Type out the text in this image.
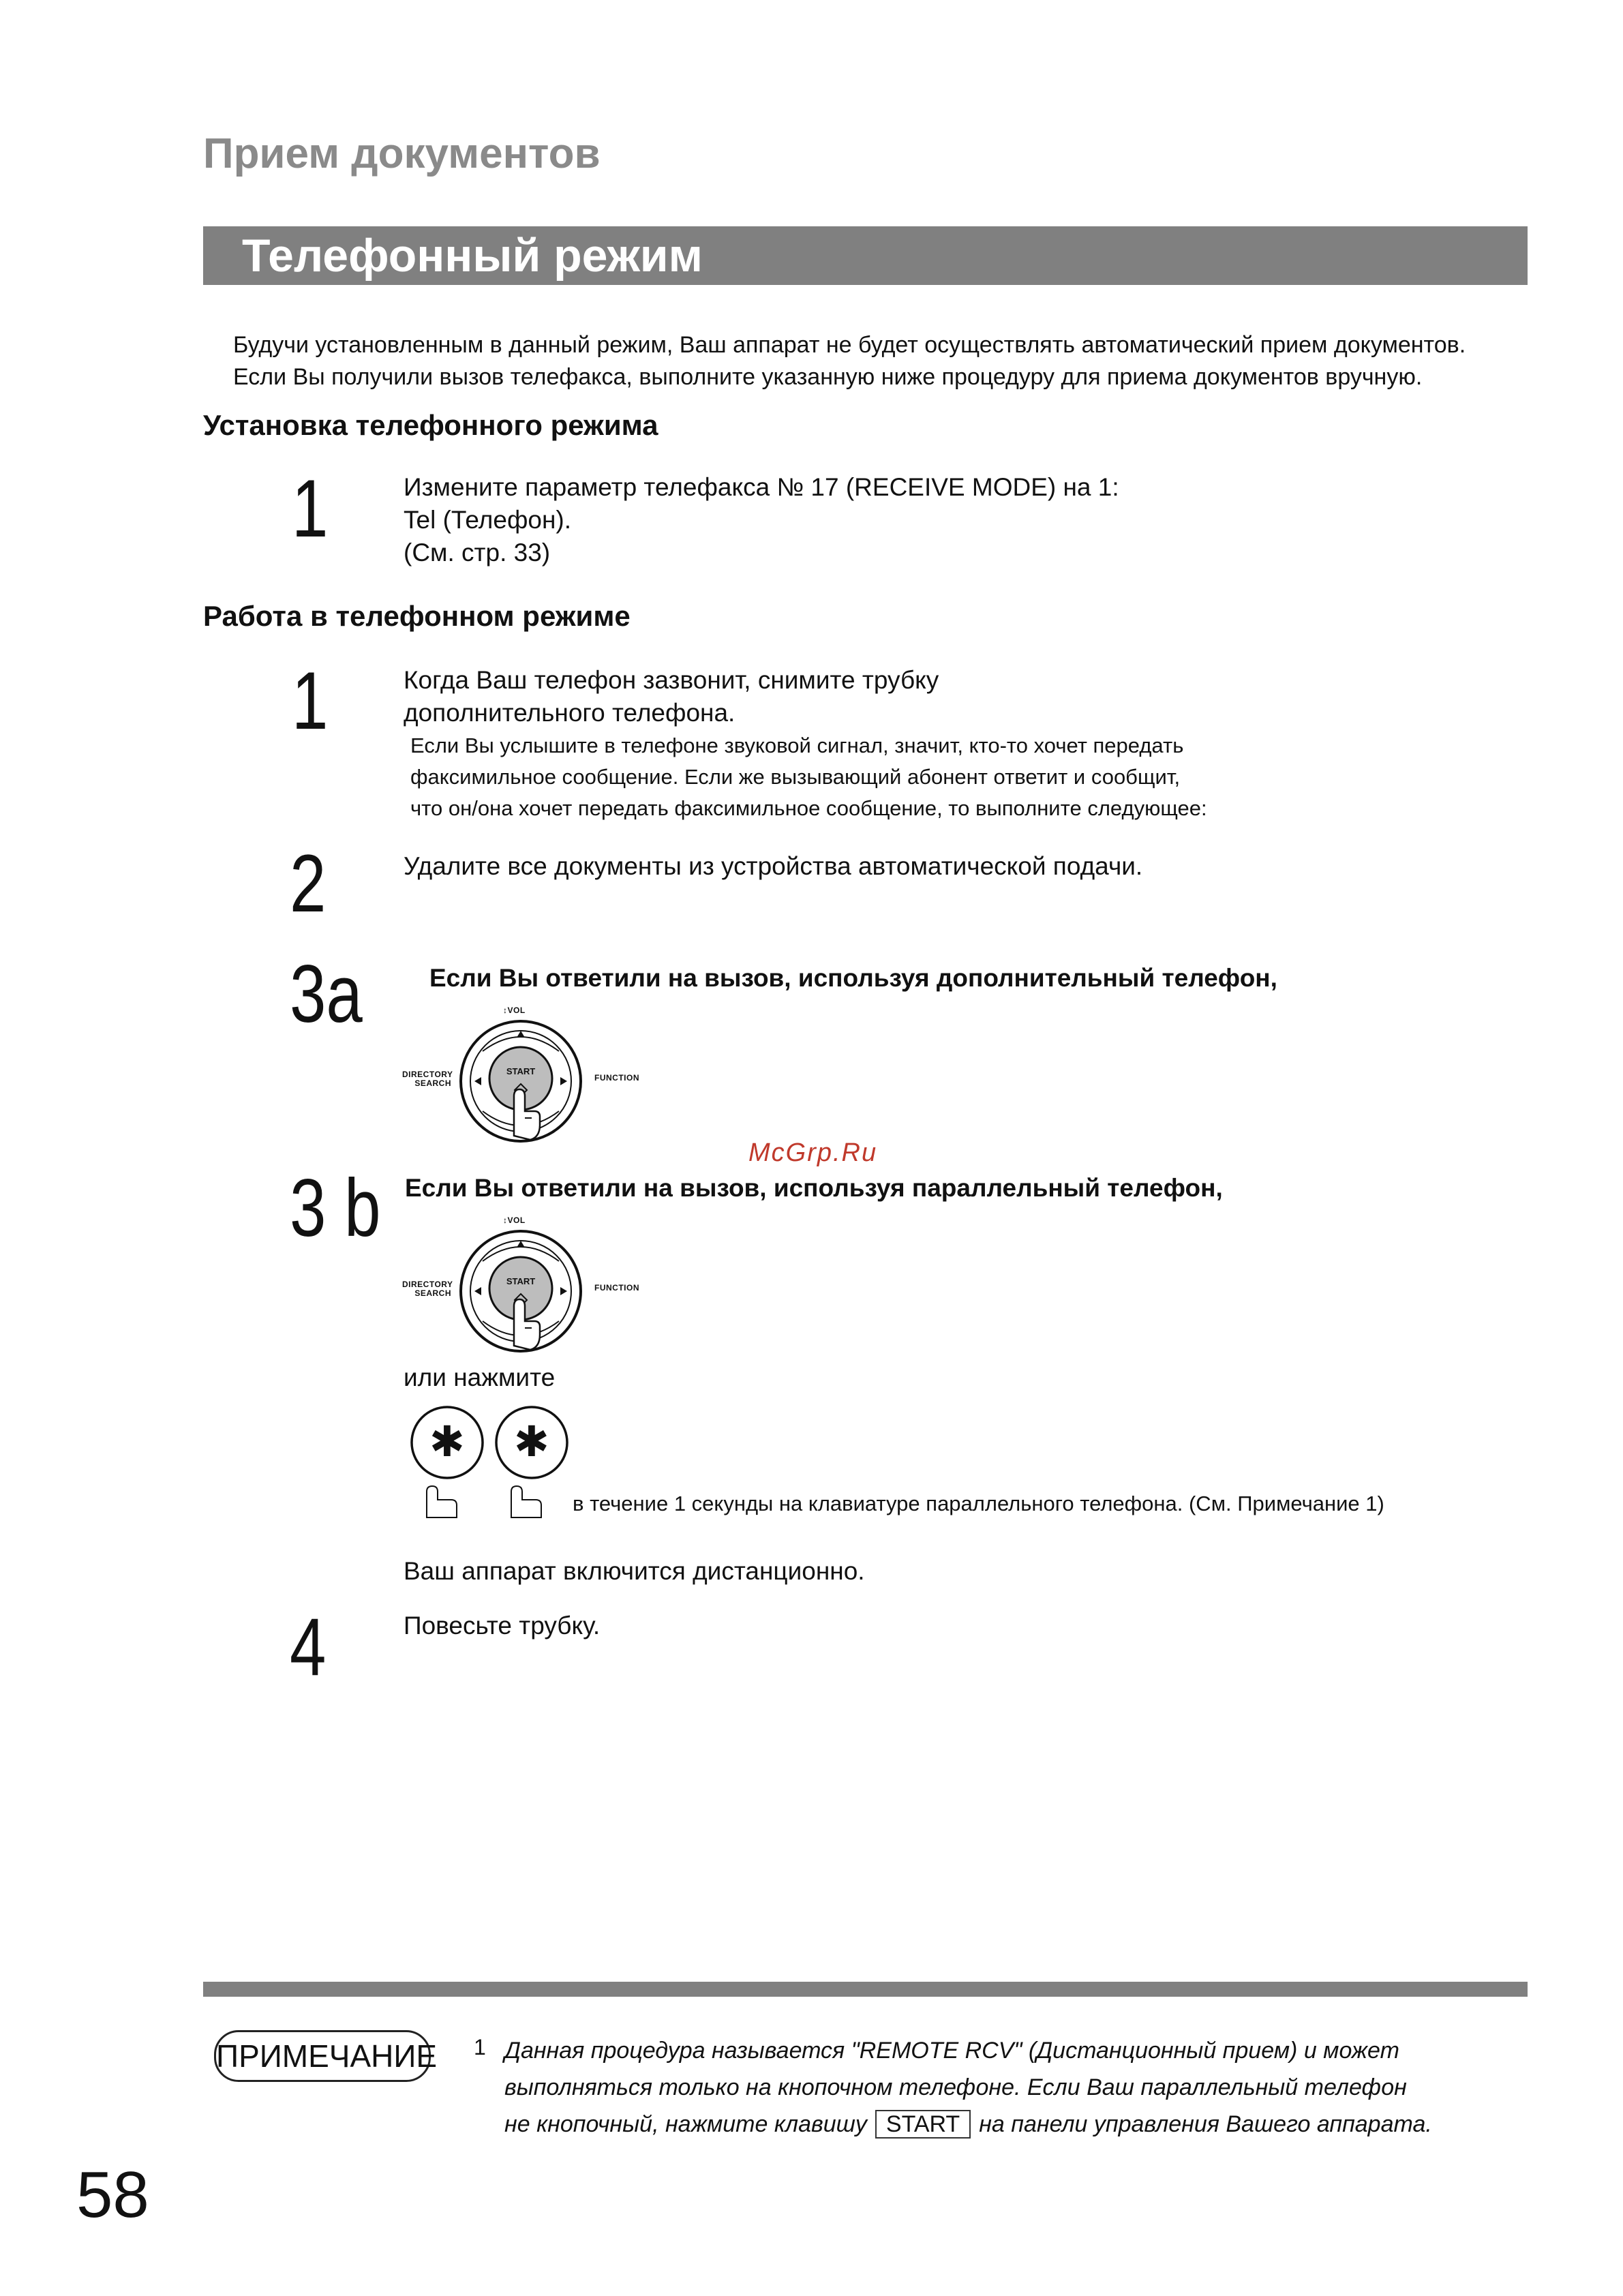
Прием документов
Телефонный режим
Будучи установленным в данный режим, Ваш аппарат не будет осуществлять автоматический прием документов.
Если Вы получили вызов телефакса, выполните указанную ниже процедуру для приема документов вручную.
Установка телефонного режима
1	Измените параметр телефакса № 17 (RECEIVE MODE) на 1:
Tel (Телефон).
(См. стр. 33)
Работа в телефонном режиме
1	Когда Ваш телефон зазвонит, снимите трубку
дополнительного телефона.
Если Вы услышите в телефоне звуковой сигнал, значит, кто-то хочет передать
факсимильное сообщение. Если же вызывающий абонент ответит и сообщит,
что он/она хочет передать факсимильное сообщение, то выполните следующее:
2	Удалите все документы из устройства автоматической подачи.
3a	Если Вы ответили на вызов, используя дополнительный телефон,
DIRECTORY
SEARCH
FUNCTION
↕VOL
START
McGrp.Ru
3 b Если Вы ответили на вызов, используя параллельный телефон,
DIRECTORY
SEARCH
FUNCTION
↕VOL
START
или нажмите
✱ ✱
в течение 1 секунды на клавиатуре параллельного телефона. (См. Примечание 1)
Ваш аппарат включится дистанционно.
4	Повесьте трубку.
ПРИМЕЧАНИЕ 1 Данная процедура называется "REMOTE RCV" (Дистанционный прием) и может
выполняться только на кнопочном телефоне. Если Ваш параллельный телефон
не кнопочный, нажмите клавишу START на панели управления Вашего аппарата.
58
